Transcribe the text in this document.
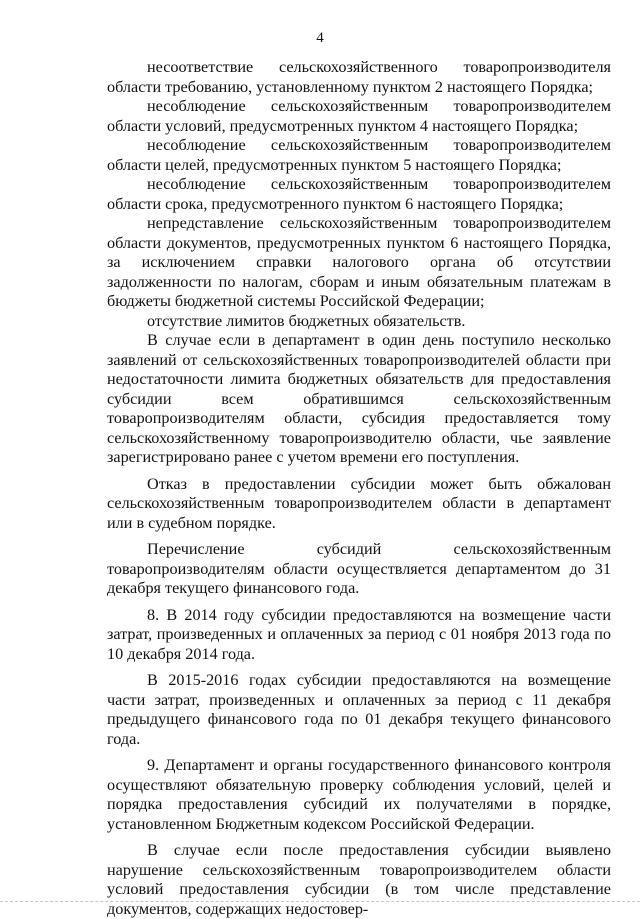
4

несоответствие сельскохозяйственного товаропроизводителя области требованию, установленному пунктом 2 настоящего Порядка;

несоблюдение сельскохозяйственным товаропроизводителем области условий, предусмотренных пунктом 4 настоящего Порядка;

несоблюдение сельскохозяйственным товаропроизводителем области целей, предусмотренных пунктом 5 настоящего Порядка;

несоблюдение сельскохозяйственным товаропроизводителем области срока, предусмотренного пунктом 6 настоящего Порядка;

непредставление сельскохозяйственным товаропроизводителем области документов, предусмотренных пунктом 6 настоящего Порядка, за исключением справки налогового органа об отсутствии задолженности по налогам, сборам и иным обязательным платежам в бюджеты бюджетной системы Российской Федерации;

отсутствие лимитов бюджетных обязательств.

В случае если в департамент в один день поступило несколько заявлений от сельскохозяйственных товаропроизводителей области при недостаточности лимита бюджетных обязательств для предоставления субсидии всем обратившимся сельскохозяйственным товаропроизводителям области, субсидия предоставляется тому сельскохозяйственному товаропроизводителю области, чье заявление зарегистрировано ранее с учетом времени его поступления.

Отказ в предоставлении субсидии может быть обжалован сельскохозяйственным товаропроизводителем области в департамент или в судебном порядке.

Перечисление субсидий сельскохозяйственным товаропроизводителям области осуществляется департаментом до 31 декабря текущего финансового года.

8. В 2014 году субсидии предоставляются на возмещение части затрат, произведенных и оплаченных за период с 01 ноября 2013 года по 10 декабря 2014 года.

В 2015-2016 годах субсидии предоставляются на возмещение части затрат, произведенных и оплаченных за период с 11 декабря предыдущего финансового года по 01 декабря текущего финансового года.

9. Департамент и органы государственного финансового контроля осуществляют обязательную проверку соблюдения условий, целей и порядка предоставления субсидий их получателями в порядке, установленном Бюджетным кодексом Российской Федерации.

В случае если после предоставления субсидии выявлено нарушение сельскохозяйственным товаропроизводителем области условий предоставления субсидии (в том числе представление документов, содержащих недостовер-
